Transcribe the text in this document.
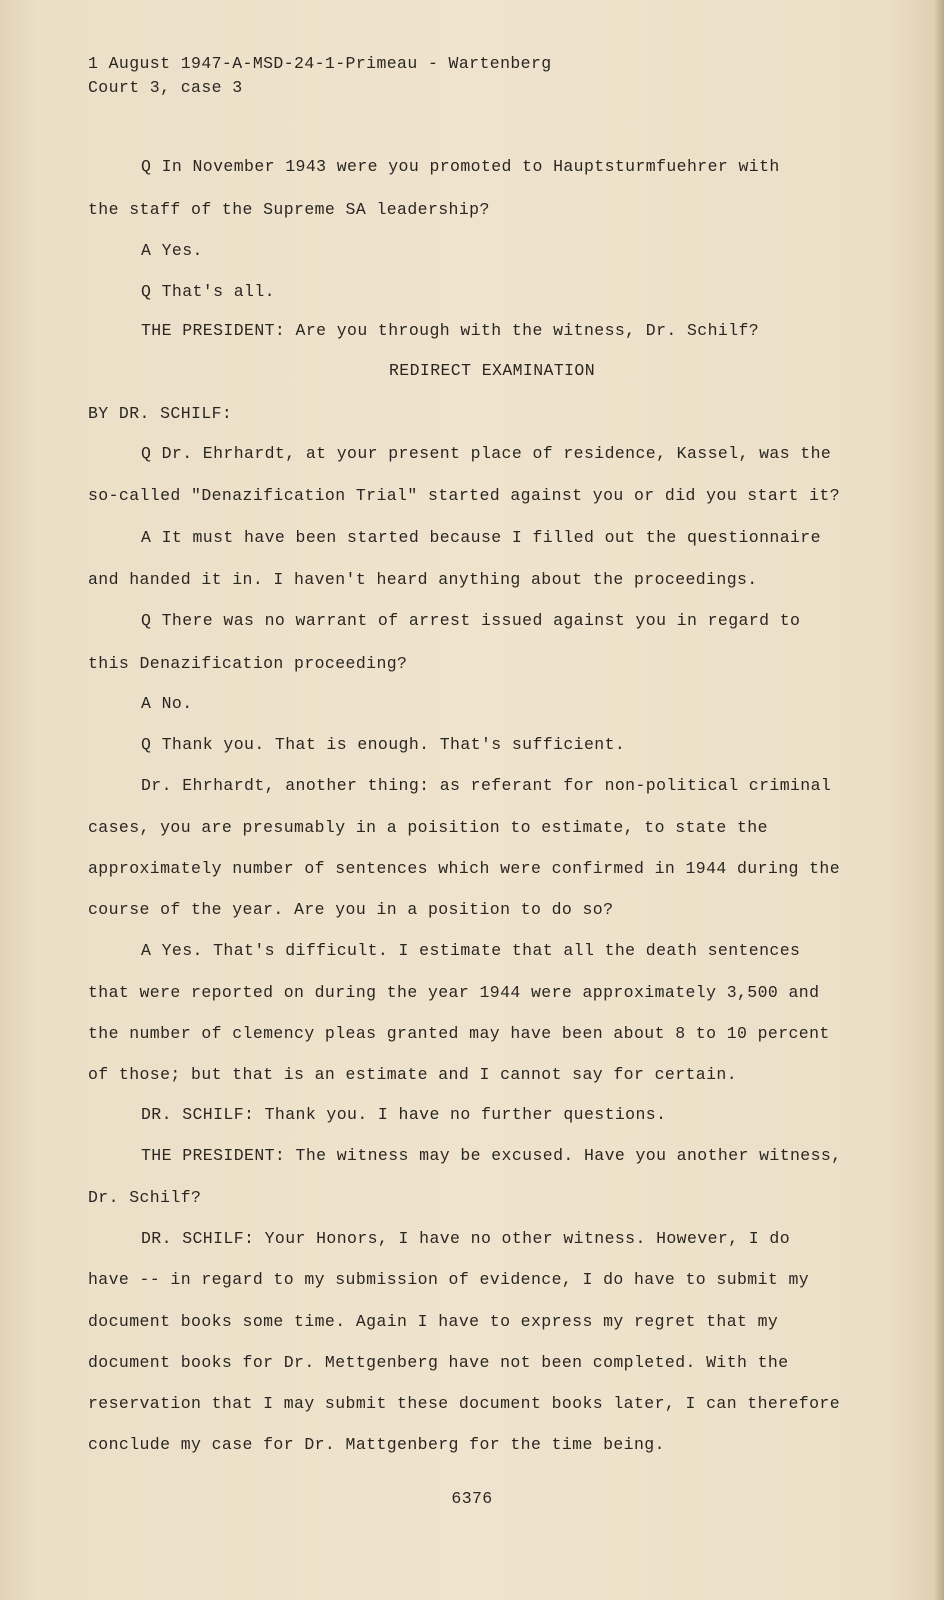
1 August 1947-A-MSD-24-1-Primeau - Wartenberg
Court 3, case 3
Q In November 1943 were you promoted to Hauptsturmfuehrer with
the staff of the Supreme SA leadership?
A Yes.
Q That's all.
THE PRESIDENT: Are you through with the witness, Dr. Schilf?
REDIRECT EXAMINATION
BY DR. SCHILF:
Q Dr. Ehrhardt, at your present place of residence, Kassel, was the
so-called "Denazification Trial" started against you or did you start it?
A It must have been started because I filled out the questionnaire
and handed it in. I haven't heard anything about the proceedings.
Q There was no warrant of arrest issued against you in regard to
this Denazification proceeding?
A No.
Q Thank you. That is enough. That's sufficient.
Dr. Ehrhardt, another thing: as referant for non-political criminal
cases, you are presumably in a poisition to estimate, to state the
approximately number of sentences which were confirmed in 1944 during the
course of the year. Are you in a position to do so?
A Yes. That's difficult. I estimate that all the death sentences
that were reported on during the year 1944 were approximately 3,500 and
the number of clemency pleas granted may have been about 8 to 10 percent
of those; but that is an estimate and I cannot say for certain.
DR. SCHILF: Thank you. I have no further questions.
THE PRESIDENT: The witness may be excused. Have you another witness,
Dr. Schilf?
DR. SCHILF: Your Honors, I have no other witness. However, I do
have -- in regard to my submission of evidence, I do have to submit my
document books some time. Again I have to express my regret that my
document books for Dr. Mettgenberg have not been completed. With the
reservation that I may submit these document books later, I can therefore
conclude my case for Dr. Mattgenberg for the time being.
6376
